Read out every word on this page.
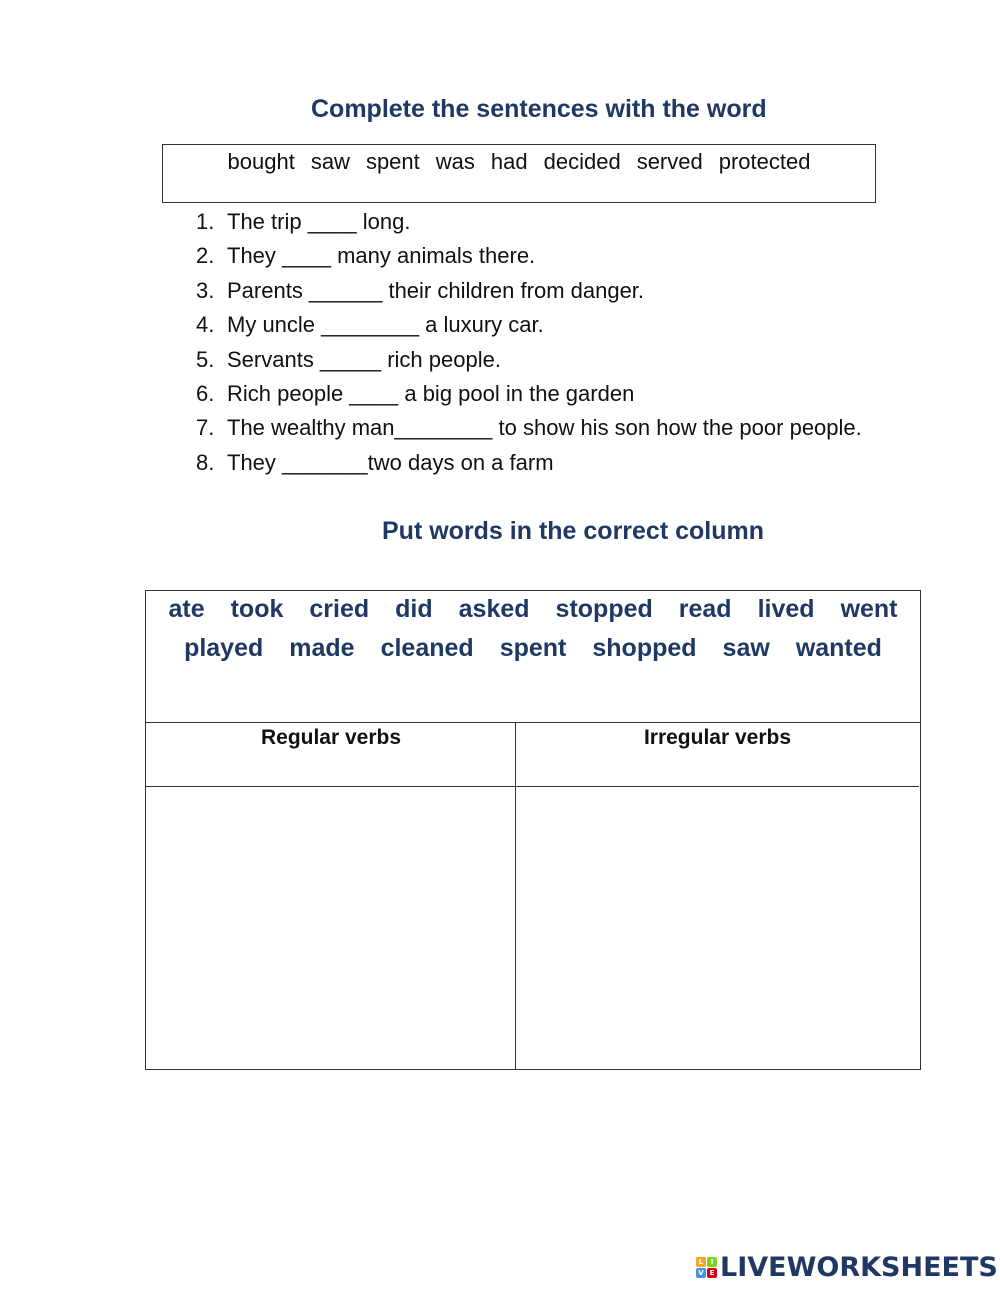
Complete the sentences with the word
bought saw spent was had decided served protected
1. The trip ____ long.
2. They ____ many animals there.
3. Parents ______ their children from danger.
4. My uncle ________ a luxury car.
5. Servants _____ rich people.
6. Rich people ____ a big pool in the garden
7. The wealthy man________ to show his son how the poor people.
8. They _______two days on a farm
Put words in the correct column
ate took cried did asked stopped read lived went
played made cleaned spent shopped saw wanted
Regular verbs	Irregular verbs
L	I
V E LIVEWORKSHEETS
